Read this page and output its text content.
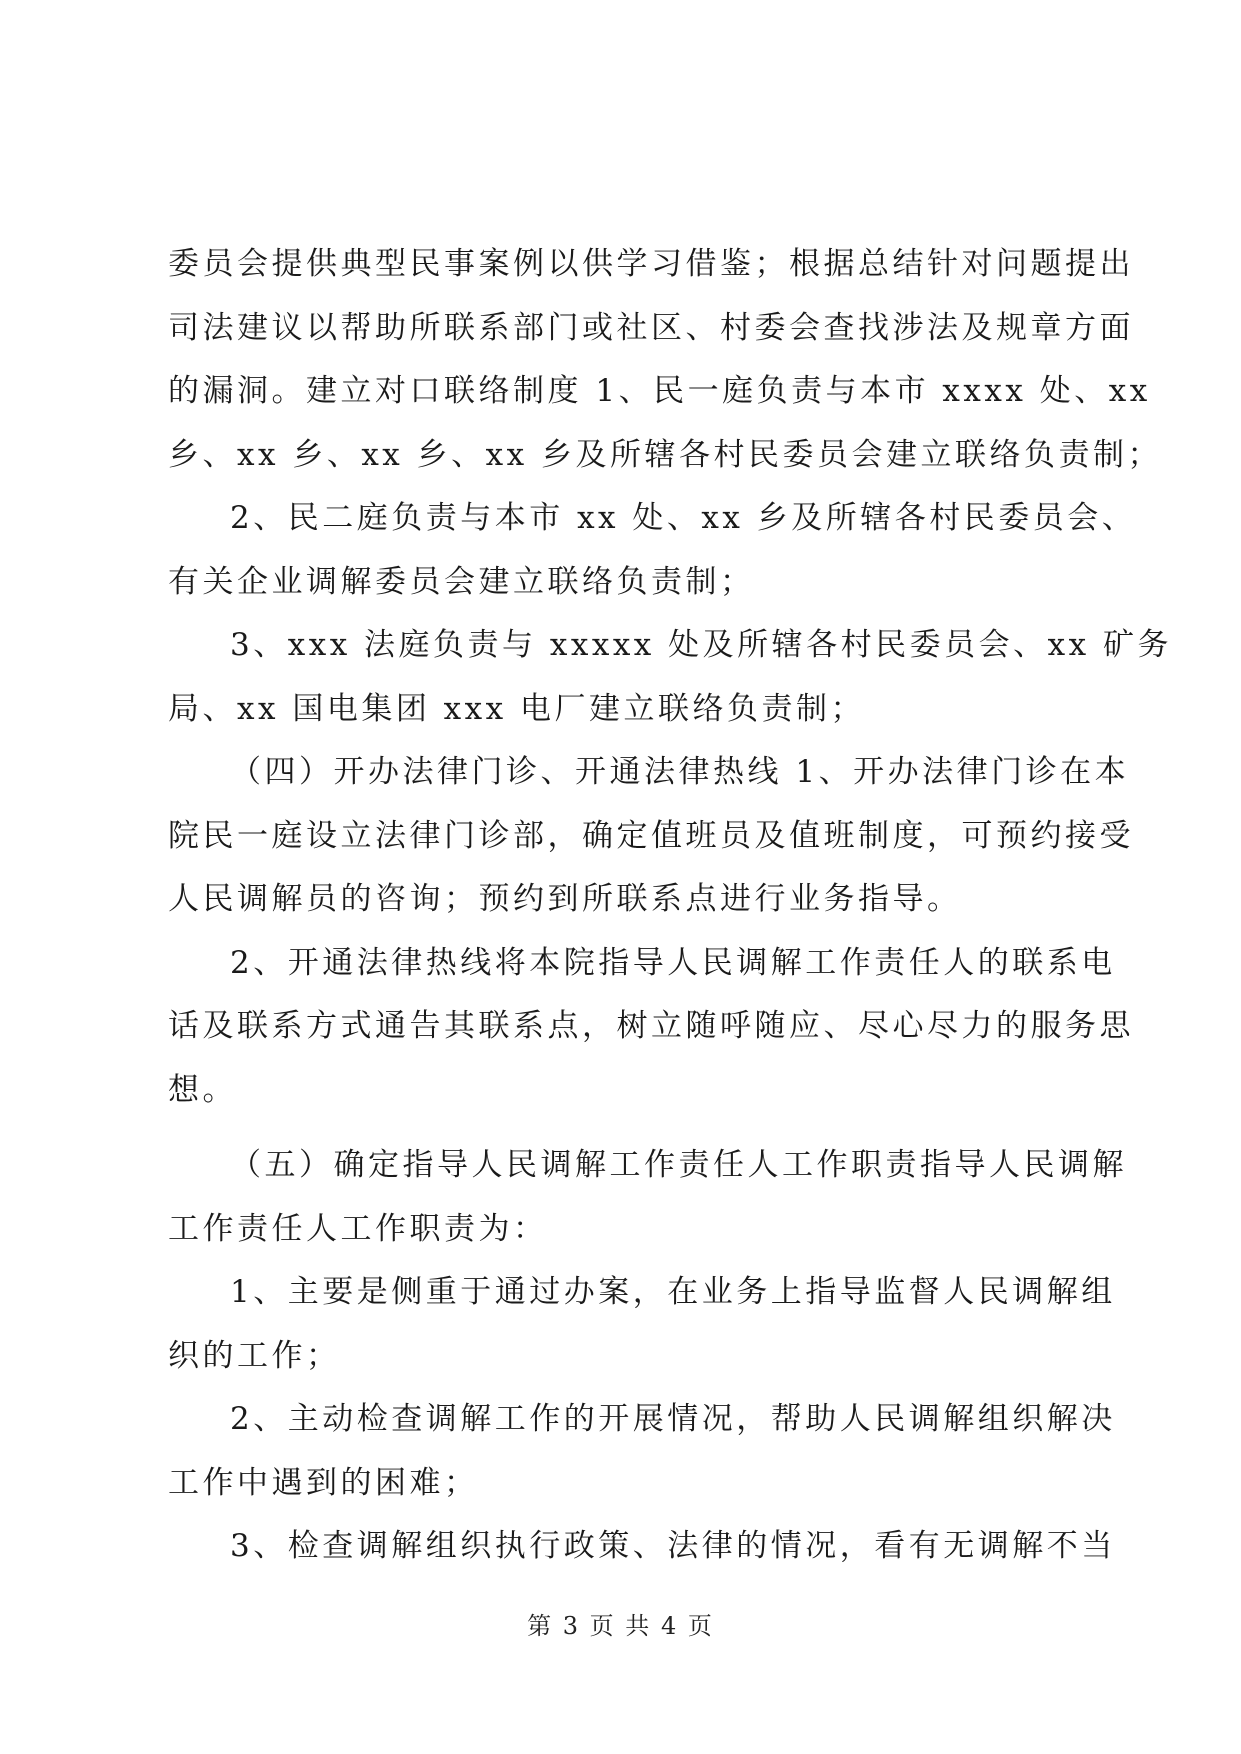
委员会提供典型民事案例以供学习借鉴；根据总结针对问题提出
司法建议以帮助所联系部门或社区、村委会查找涉法及规章方面
的漏洞。建立对口联络制度 1、民一庭负责与本市 xxxx 处、xx
乡、xx 乡、xx 乡、xx 乡及所辖各村民委员会建立联络负责制；
2、民二庭负责与本市 xx 处、xx 乡及所辖各村民委员会、
有关企业调解委员会建立联络负责制；
3、xxx 法庭负责与 xxxxx 处及所辖各村民委员会、xx 矿务
局、xx 国电集团 xxx 电厂建立联络负责制；
（四）开办法律门诊、开通法律热线 1、开办法律门诊在本
院民一庭设立法律门诊部，确定值班员及值班制度，可预约接受
人民调解员的咨询；预约到所联系点进行业务指导。
2、开通法律热线将本院指导人民调解工作责任人的联系电
话及联系方式通告其联系点，树立随呼随应、尽心尽力的服务思
想。
（五）确定指导人民调解工作责任人工作职责指导人民调解
工作责任人工作职责为：
1、主要是侧重于通过办案，在业务上指导监督人民调解组
织的工作；
2、主动检查调解工作的开展情况，帮助人民调解组织解决
工作中遇到的困难；
3、检查调解组织执行政策、法律的情况，看有无调解不当
第 3 页 共 4 页
